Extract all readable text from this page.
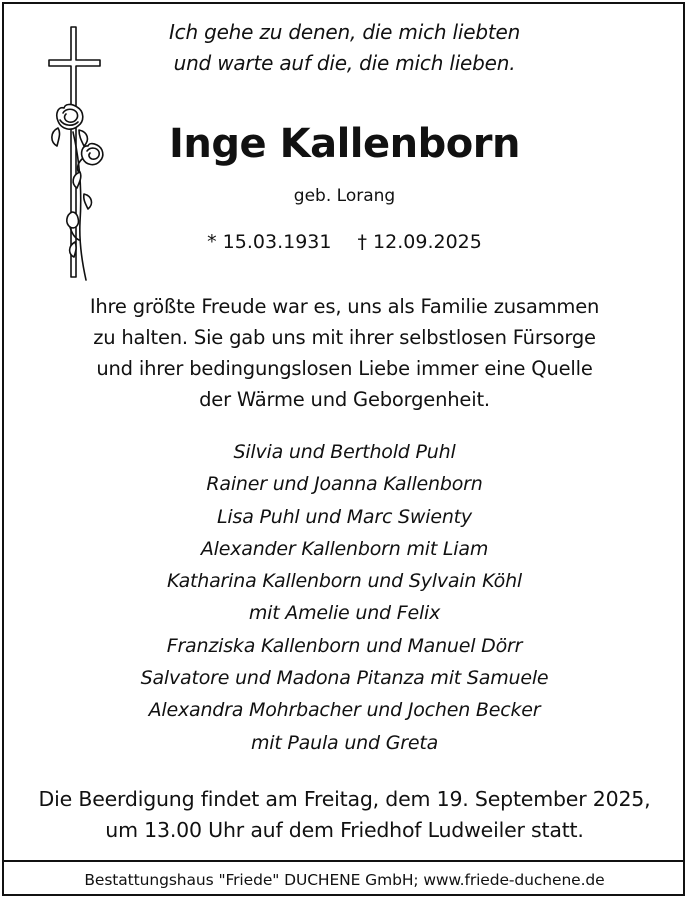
Ich gehe zu denen, die mich liebten
und warte auf die, die mich lieben.
Inge Kallenborn
geb. Lorang
* 15.03.1931 † 12.09.2025
Ihre größte Freude war es, uns als Familie zusammen
zu halten. Sie gab uns mit ihrer selbstlosen Fürsorge
und ihrer bedingungslosen Liebe immer eine Quelle
der Wärme und Geborgenheit.
Silvia und Berthold Puhl
Rainer und Joanna Kallenborn
Lisa Puhl und Marc Swienty
Alexander Kallenborn mit Liam
Katharina Kallenborn und Sylvain Köhl
mit Amelie und Felix
Franziska Kallenborn und Manuel Dörr
Salvatore und Madona Pitanza mit Samuele
Alexandra Mohrbacher und Jochen Becker
mit Paula und Greta
Die Beerdigung findet am Freitag, dem 19. September 2025,
um 13.00 Uhr auf dem Friedhof Ludweiler statt.
Bestattungshaus "Friede" DUCHENE GmbH; www.friede-duchene.de
